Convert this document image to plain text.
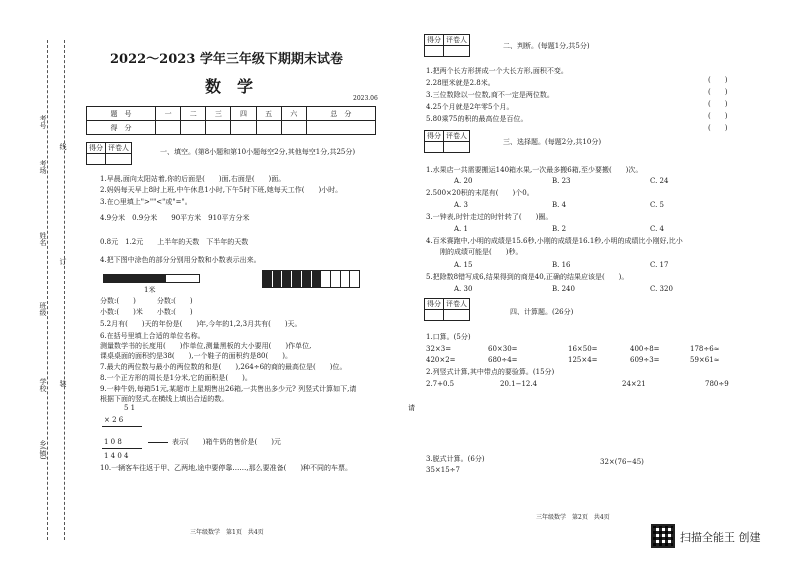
考号
考场
姓名
班级
学校
乡(镇)
线
订
装
2022～2023 学年三年级下期期末试卷
数　学
2023.06
题　号	一	二	三	四	五	六	总　分
得　分							
得分	评卷人
		一、填空。(第8小题和第10小题每空2分,其他每空1分,共25分)
1.早晨,面向太阳站着,你的后面是(　　)面,右面是(　　)面。
2.妈妈每天早上8时上班,中午休息1小时,下午5时下班,她每天工作(　　)小时。
3.在○里填上">""<"或"="。
4.9分米　0.9分米　　90平方米　910平方分米
0.8元　1.2元　　上半年的天数　下半年的天数
4.把下图中涂色的部分分别用分数和小数表示出来。
1米
分数:(　　)　　　分数:(　　)
小数:(　　)米　　小数:(　　)
5.2月有(　　)天的年份是(　　)年,今年的1,2,3月共有(　　)天。
6.在括号里填上合适的单位名称。
测量数学书的长度用(　　)作单位,测量黑板的大小要用(　　)作单位,
课桌桌面的面积约是38(　　),一个鞋子的面积约是80(　　)。
7.最大的两位数与最小的两位数的和是(　　),264÷6的商的最高位是(　　)位。
8.一个正方形的周长是1分米,它的面积是(　　)。
9.一种牛奶,每箱51元,某超市上星期售出26箱,一共售出多少元? 列竖式计算如下,请
根据下面的竖式,在横线上填出合适的数。
5 1
× 2 6
1 0 8
1 4 0 4
表示(　　)箱牛奶的售价是(　　)元
10.一辆客车往返于甲、乙两地,途中要停靠……,那么要准备(　　)种不同的车票。
三年级数学　第1页　共4页
得分	评卷人

二、判断。(每题1分,共5分)
1.把两个长方形拼成一个大长方形,面积不变。
2.28厘米就是2.8米。
3.三位数除以一位数,商不一定是两位数。
4.25个月就是2年零5个月。
5.80乘75的积的最高位是百位。
(　　)
(　　)
(　　)
(　　)
(　　)
得分	评卷人

三、选择题。(每题2分,共10分)
1.水果店一共需要搬运140箱水果,一次最多搬6箱,至少要搬(　　)次。
A. 20	B. 23	C. 24
2.500×20积的末尾有(　　)个0。
A. 3	B. 4	C. 5
3.一钟表,时针走过的时针转了(　　)圈。
A. 1	B. 2	C. 4
4.百米赛跑中,小明的成绩是15.6秒,小刚的成绩是16.1秒,小明的成绩比小刚好,比小
刚的成绩可能是(　　)秒。
A. 15	B. 16	C. 17
5.把除数8错写成6,结果得到的商是40,正确的结果应该是(　　)。
A. 30	B. 240	C. 320
得分	评卷人

四、计算题。(26分)
1.口算。(5分)
32×3=	60×30=	16×50=	400÷8=	178÷6≈
420×2=	680÷4=	125×4=	609÷3=	59×61≈
2.列竖式计算,其中带点的要验算。(15分)
2.7+0.5	20.1−12.4	24×21	780÷9
请
3.脱式计算。(6分)
35×15÷7
32×(76−45)
三年级数学　第2页　共4页
扫描全能王 创建
